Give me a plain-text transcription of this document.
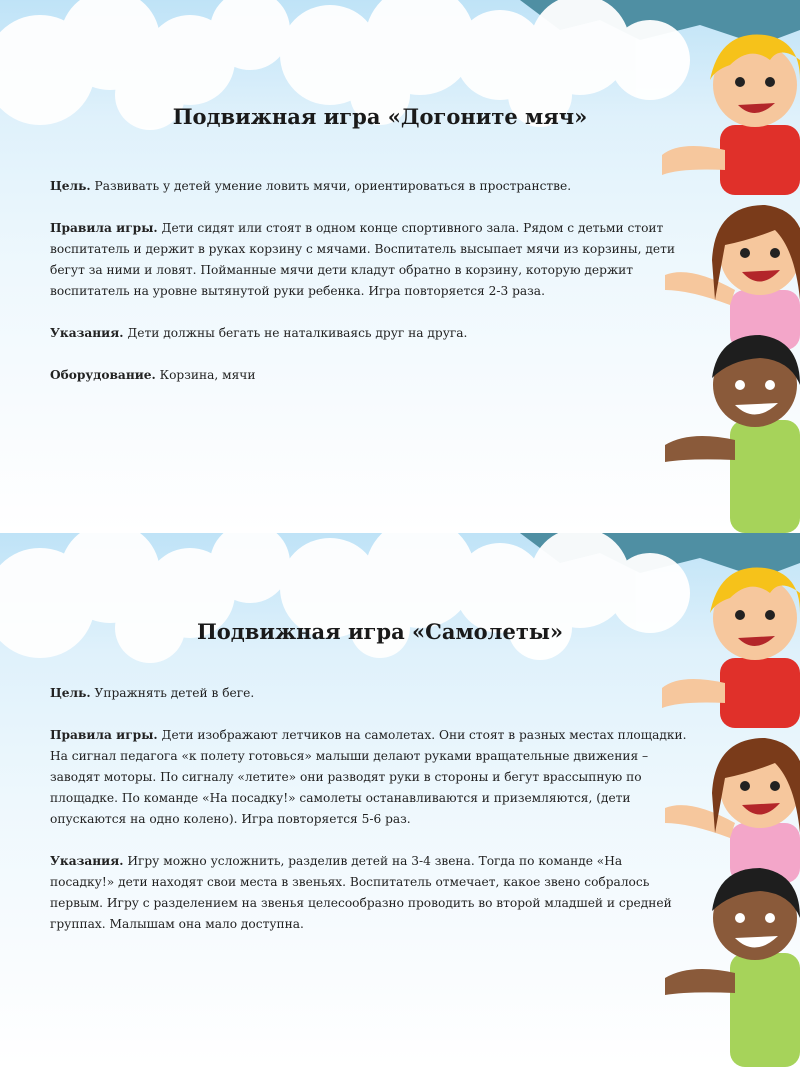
Подвижная игра «Догоните мяч»

Цель. Развивать у детей умение ловить мячи, ориентироваться в пространстве.

Правила игры. Дети сидят или стоят в одном конце спортивного зала. Рядом с детьми стоит воспитатель и держит в руках корзину с мячами. Воспитатель высыпает мячи из корзины, дети бегут за ними и ловят. Пойманные мячи дети кладут обратно в корзину, которую держит воспитатель на уровне вытянутой руки ребенка. Игра повторяется 2-3 раза.

Указания. Дети должны бегать не наталкиваясь друг на друга.

Оборудование. Корзина, мячи

Подвижная игра «Самолеты»

Цель. Упражнять детей в беге.

Правила игры. Дети изображают летчиков на самолетах. Они стоят в разных местах площадки. На сигнал педагога «к полету готовься» малыши делают руками вращательные движения –заводят моторы. По сигналу «летите» они разводят руки в стороны и бегут врассыпную по площадке. По команде «На посадку!» самолеты останавливаются и приземляются, (дети опускаются на одно колено). Игра повторяется 5-6 раз.

Указания. Игру можно усложнить, разделив детей на 3-4 звена. Тогда по команде «На посадку!» дети находят свои места в звеньях. Воспитатель отмечает, какое звено собралось первым. Игру с разделением на звенья целесообразно проводить во второй младшей и средней группах. Малышам она мало доступна.
